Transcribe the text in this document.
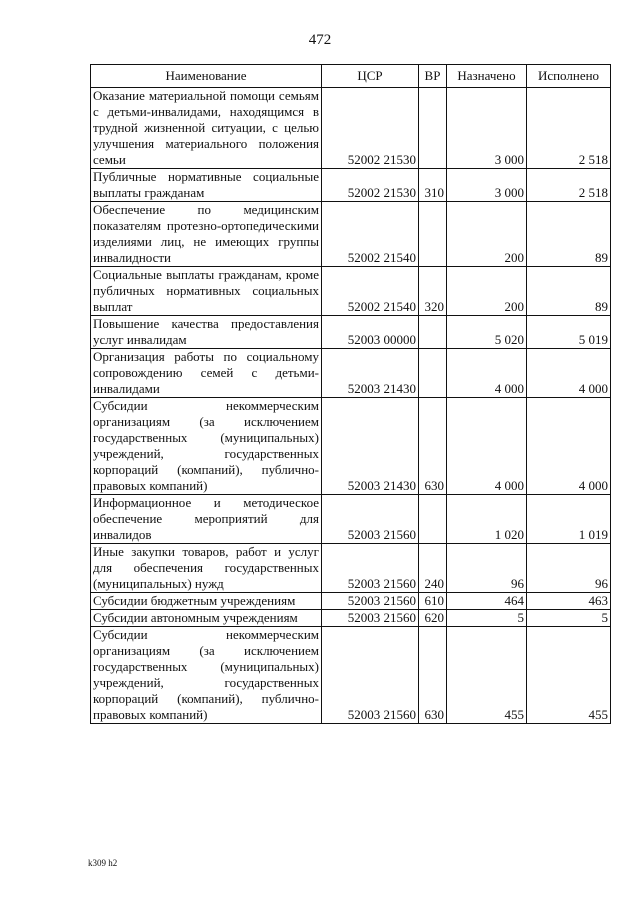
472
Наименование	ЦСР	ВР	Назначено	Исполнено
Оказание материальной помощи семьям с детьми-инвалидами, находящимся в трудной жизненной ситуации, с целью улучшения материального положения семьи	52002 21530		3 000	2 518
Публичные нормативные социальные выплаты гражданам	52002 21530	310	3 000	2 518
Обеспечение по медицинским показателям протезно-ортопедическими изделиями лиц, не имеющих группы инвалидности	52002 21540		200	89
Социальные выплаты гражданам, кроме публичных нормативных социальных выплат	52002 21540	320	200	89
Повышение качества предоставления услуг инвалидам	52003 00000		5 020	5 019
Организация работы по социальному сопровождению семей с детьми-инвалидами	52003 21430		4 000	4 000
Субсидии некоммерческим организациям (за исключением государственных (муниципальных) учреждений, государственных корпораций (компаний), публично-правовых компаний)	52003 21430	630	4 000	4 000
Информационное и методическое обеспечение мероприятий для инвалидов	52003 21560		1 020	1 019
Иные закупки товаров, работ и услуг для обеспечения государственных (муниципальных) нужд	52003 21560	240	96	96
Субсидии бюджетным учреждениям	52003 21560	610	464	463
Субсидии автономным учреждениям	52003 21560	620	5	5
Субсидии некоммерческим организациям (за исключением государственных (муниципальных) учреждений, государственных корпораций (компаний), публично-правовых компаний)	52003 21560	630	455	455
k309 h2
